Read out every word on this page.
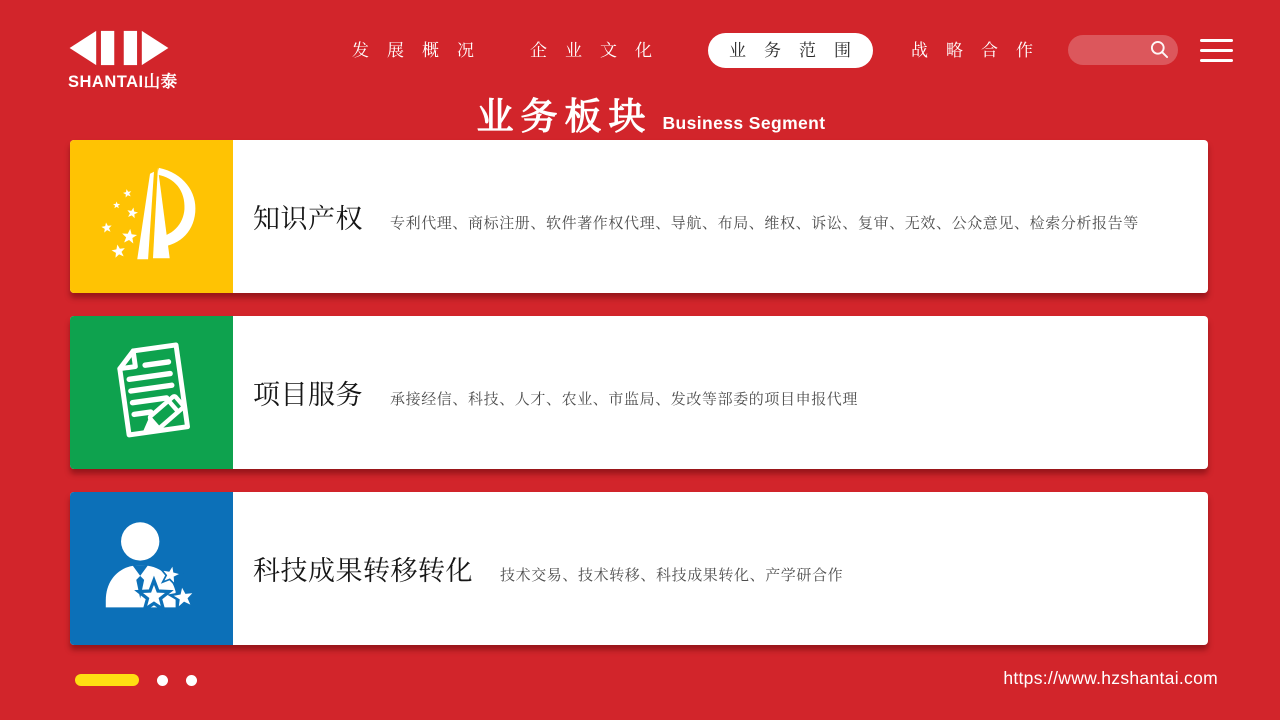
SHANTAI山泰
发展概况 企业文化	业务范围 战略合作
业务板块 Business Segment
知识产权 专利代理、商标注册、软件著作权代理、导航、布局、维权、诉讼、复审、无效、公众意见、检索分析报告等

项目服务 承接经信、科技、人才、农业、市监局、发改等部委的项目申报代理

科技成果转移转化 技术交易、技术转移、科技成果转化、产学研合作

https://www.hzshantai.com
